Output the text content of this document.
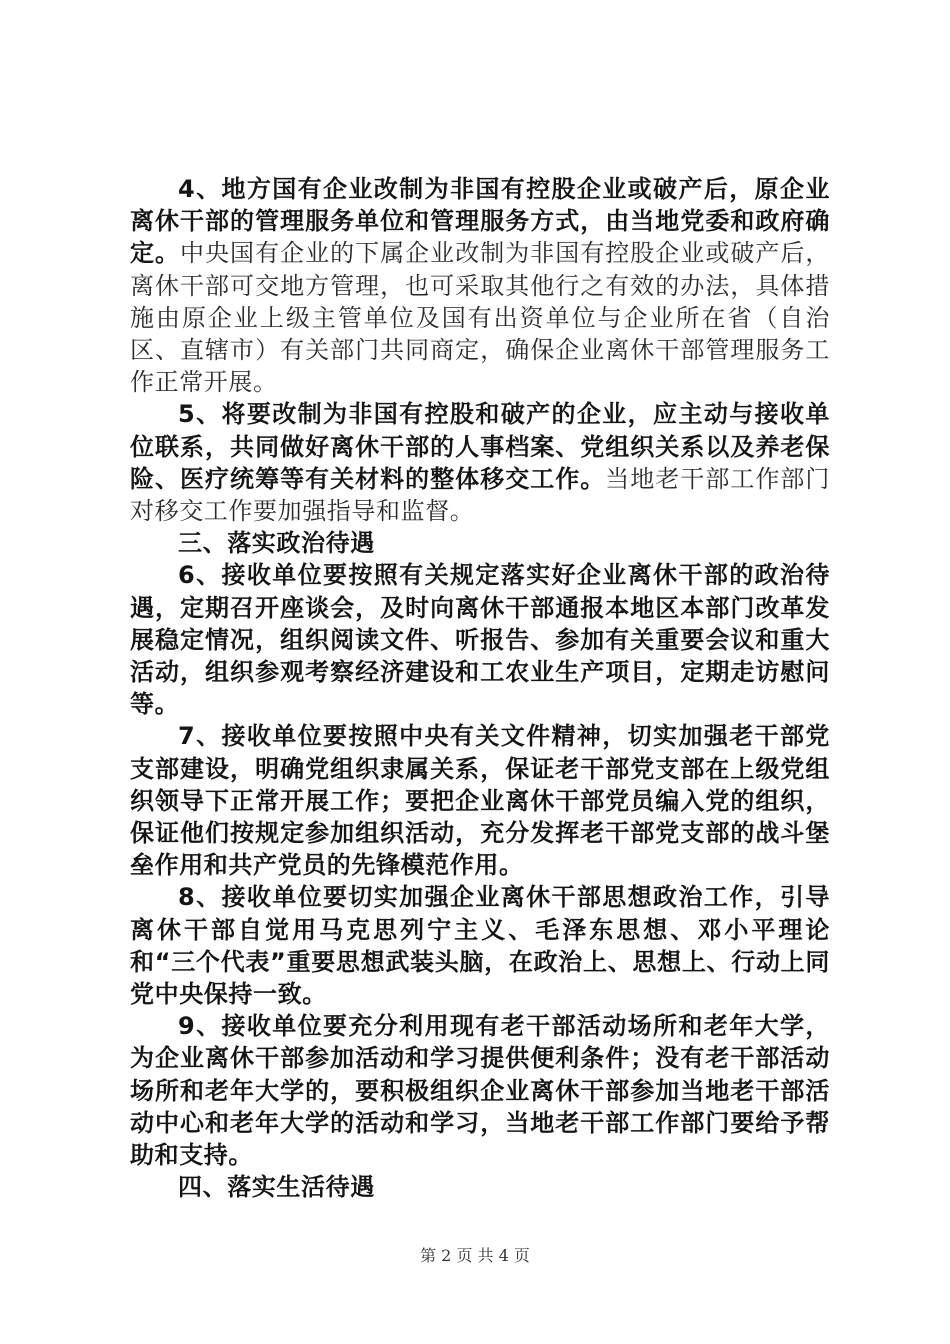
4、地方国有企业改制为非国有控股企业或破产后，原企业离休干部的管理服务单位和管理服务方式，由当地党委和政府确定。中央国有企业的下属企业改制为非国有控股企业或破产后，离休干部可交地方管理，也可采取其他行之有效的办法，具体措施由原企业上级主管单位及国有出资单位与企业所在省（自治区、直辖市）有关部门共同商定，确保企业离休干部管理服务工作正常开展。

5、将要改制为非国有控股和破产的企业，应主动与接收单位联系，共同做好离休干部的人事档案、党组织关系以及养老保险、医疗统筹等有关材料的整体移交工作。当地老干部工作部门对移交工作要加强指导和监督。

三、落实政治待遇

6、接收单位要按照有关规定落实好企业离休干部的政治待遇，定期召开座谈会，及时向离休干部通报本地区本部门改革发展稳定情况，组织阅读文件、听报告、参加有关重要会议和重大活动，组织参观考察经济建设和工农业生产项目，定期走访慰问等。

7、接收单位要按照中央有关文件精神，切实加强老干部党支部建设，明确党组织隶属关系，保证老干部党支部在上级党组织领导下正常开展工作；要把企业离休干部党员编入党的组织，保证他们按规定参加组织活动，充分发挥老干部党支部的战斗堡垒作用和共产党员的先锋模范作用。

8、接收单位要切实加强企业离休干部思想政治工作，引导离休干部自觉用马克思列宁主义、毛泽东思想、邓小平理论和“三个代表”重要思想武装头脑，在政治上、思想上、行动上同党中央保持一致。

9、接收单位要充分利用现有老干部活动场所和老年大学，为企业离休干部参加活动和学习提供便利条件；没有老干部活动场所和老年大学的，要积极组织企业离休干部参加当地老干部活动中心和老年大学的活动和学习，当地老干部工作部门要给予帮助和支持。

四、落实生活待遇

第 2 页 共 4 页
